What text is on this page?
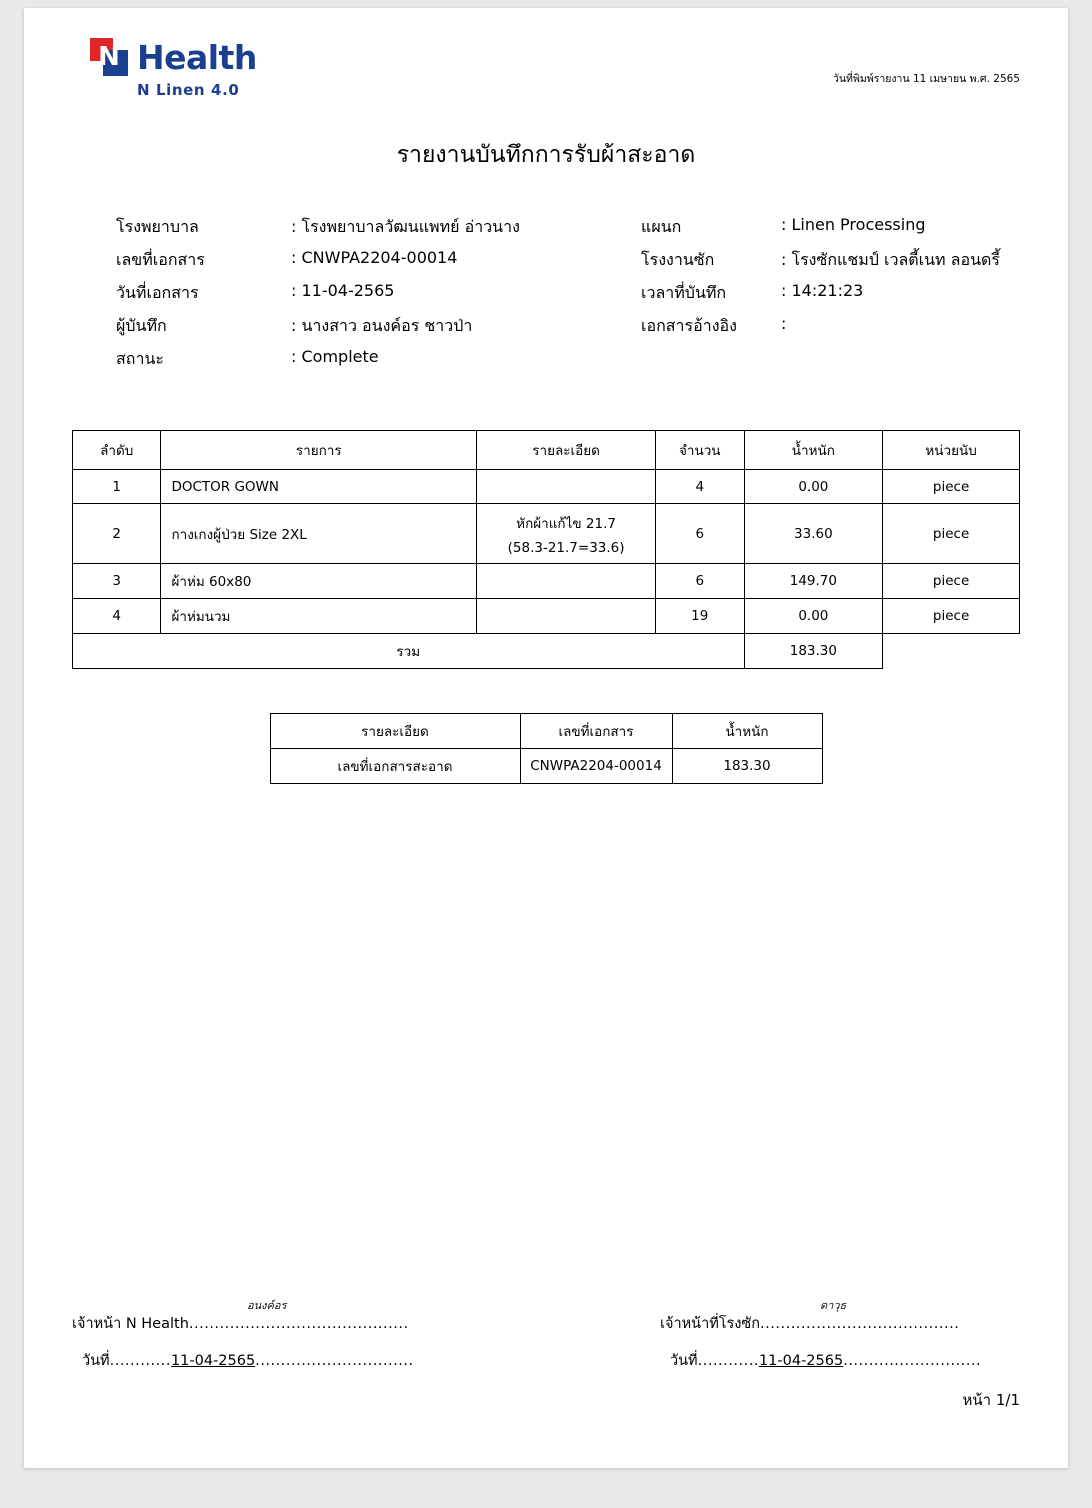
N Health
N Linen 4.0
วันที่พิมพ์รายงาน 11 เมษายน พ.ศ. 2565
รายงานบันทึกการรับผ้าสะอาด
โรงพยาบาล	: โรงพยาบาลวัฒนแพทย์ อ่าวนาง	แผนก	: Linen Processing
เลขที่เอกสาร	: CNWPA2204-00014	โรงงานซัก	: โรงซักแชมป์ เวลตี้เนท ลอนดรี้
วันที่เอกสาร	: 11-04-2565	เวลาที่บันทึก	: 14:21:23
ผู้บันทึก	: นางสาว อนงค์อร ชาวป่า	เอกสารอ้างอิง	:
สถานะ	: Complete
ลำดับ	รายการ	รายละเอียด	จำนวน	น้ำหนัก	หน่วยนับ
1	DOCTOR GOWN		4	0.00	piece
2	กางเกงผู้ป่วย Size 2XL	หักผ้าแก้ไข 21.7
(58.3-21.7=33.6)	6	33.60	piece
3	ผ้าห่ม 60x80		6	149.70	piece
4	ผ้าห่มนวม		19	0.00	piece
รวม				183.30	
รายละเอียด	เลขที่เอกสาร	น้ำหนัก
เลขที่เอกสารสะอาด	CNWPA2204-00014	183.30
อนงค์อร
เจ้าหน้า N Health...........................................
วันที่............11-04-2565...............................
ดาวุธ
เจ้าหน้าที่โรงซัก.......................................
วันที่............11-04-2565...........................
หน้า 1/1
